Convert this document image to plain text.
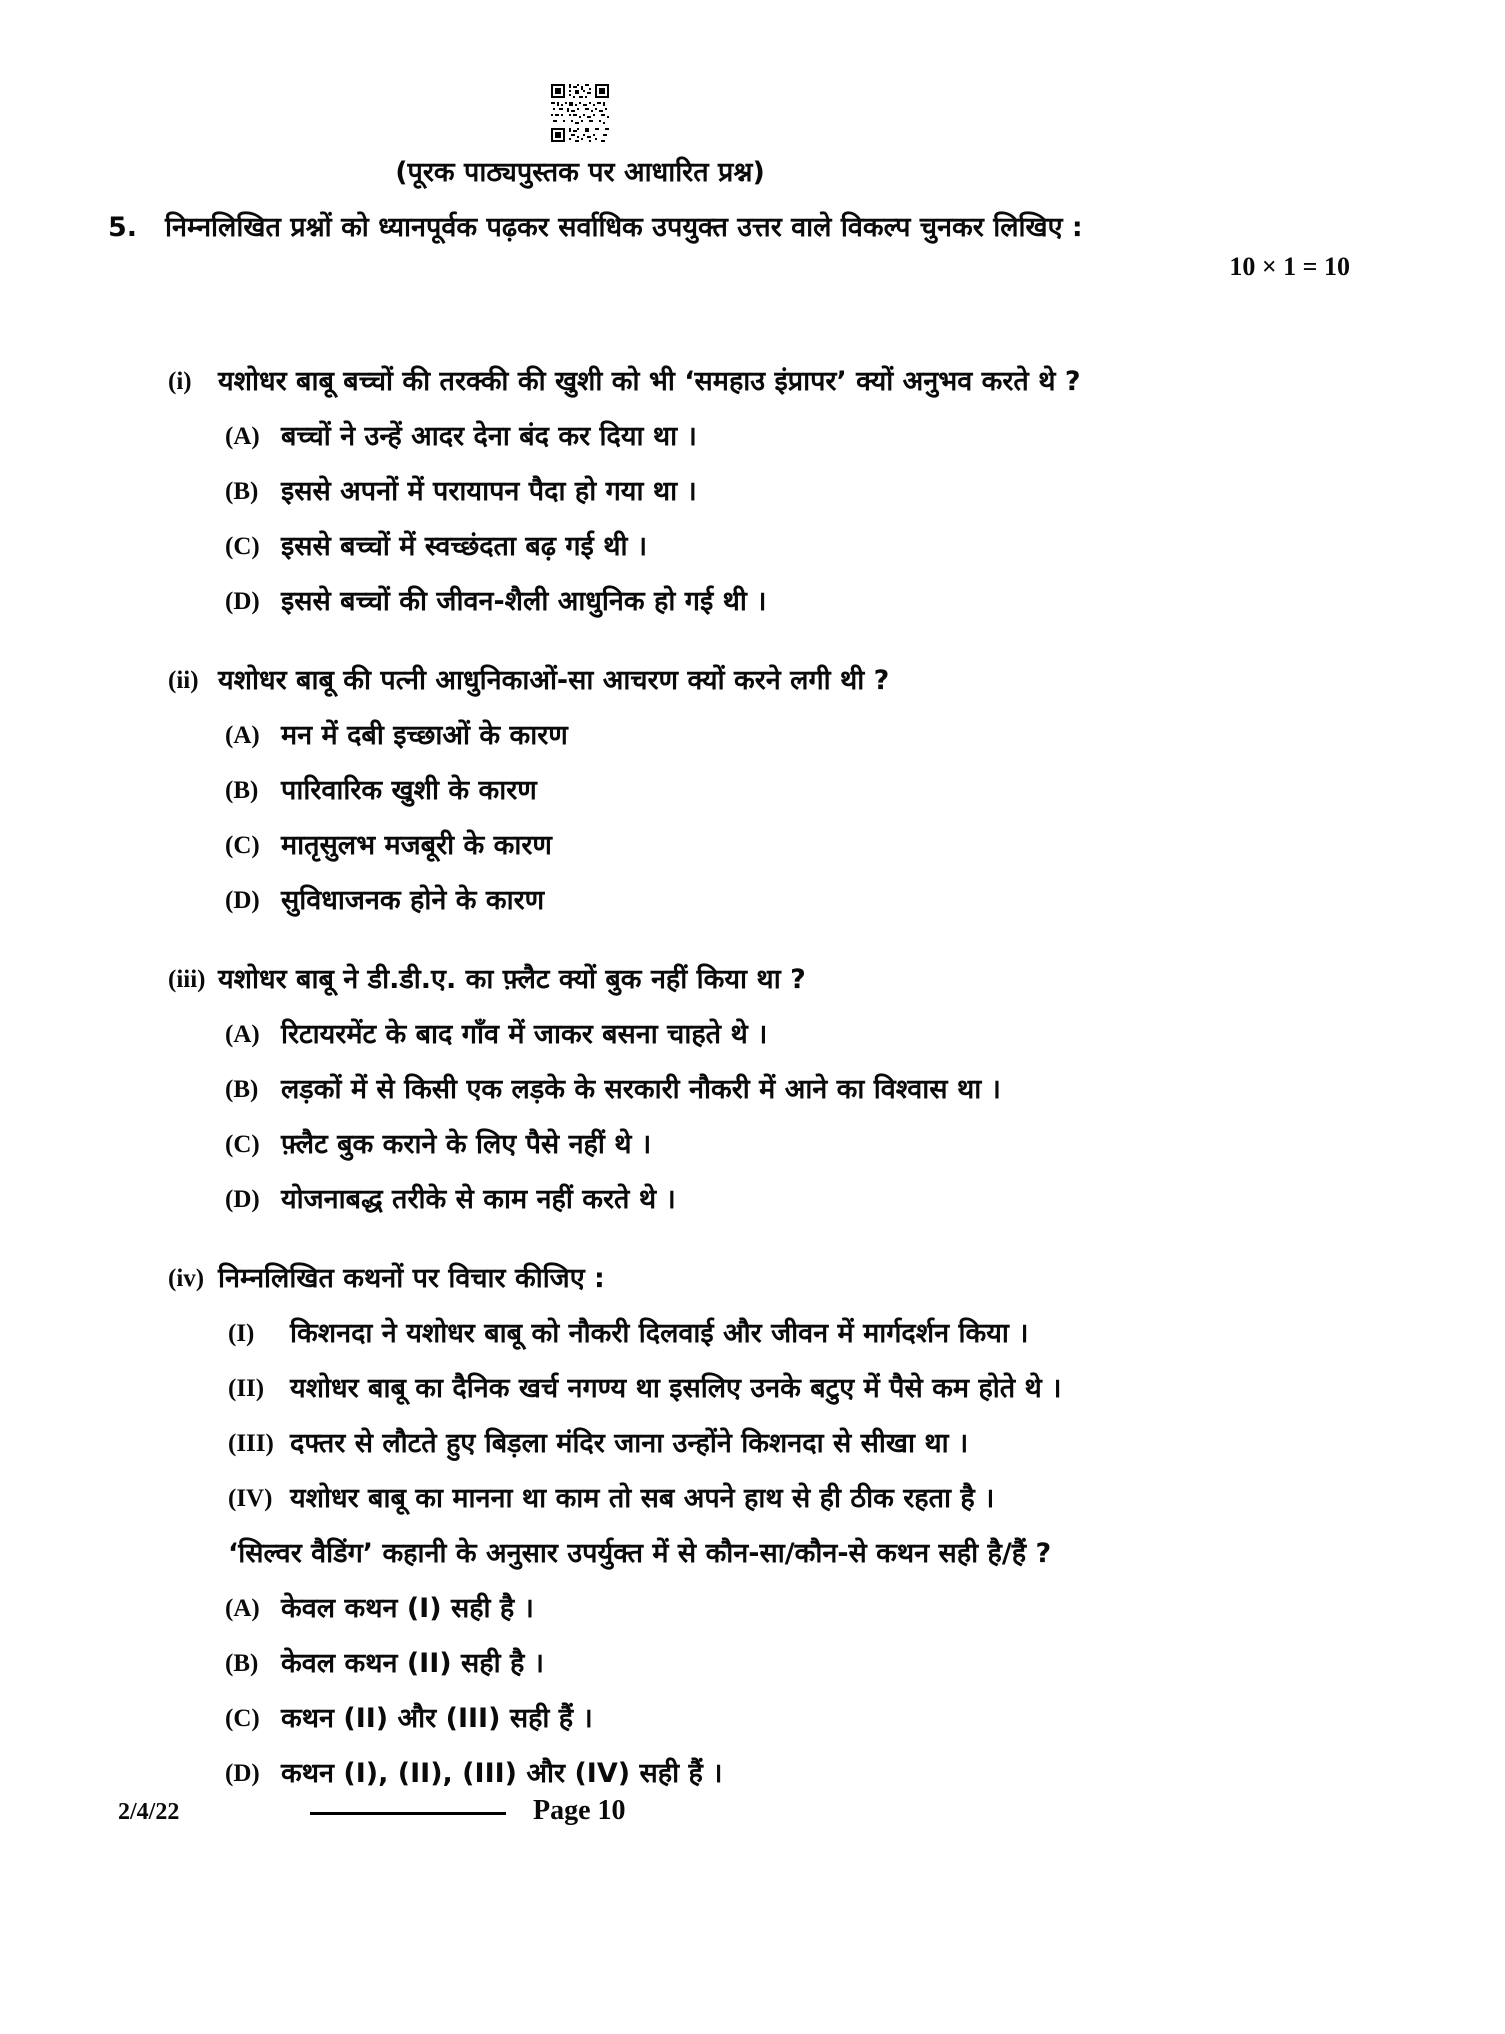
(पूरक पाठ्यपुस्तक पर आधारित प्रश्न)
5.	निम्नलिखित प्रश्नों को ध्यानपूर्वक पढ़कर सर्वाधिक उपयुक्त उत्तर वाले विकल्प चुनकर लिखिए :
10 × 1 = 10
(i) यशोधर बाबू बच्चों की तरक्की की खुशी को भी ‘समहाउ इंप्रापर’ क्यों अनुभव करते थे ?
(A) बच्चों ने उन्हें आदर देना बंद कर दिया था ।
(B) इससे अपनों में परायापन पैदा हो गया था ।
(C) इससे बच्चों में स्वच्छंदता बढ़ गई थी ।
(D) इससे बच्चों की जीवन-शैली आधुनिक हो गई थी ।
(ii) यशोधर बाबू की पत्नी आधुनिकाओं-सा आचरण क्यों करने लगी थी ?
(A) मन में दबी इच्छाओं के कारण
(B) पारिवारिक खुशी के कारण
(C) मातृसुलभ मजबूरी के कारण
(D) सुविधाजनक होने के कारण
(iii) यशोधर बाबू ने डी.डी.ए. का फ़्लैट क्यों बुक नहीं किया था ?
(A) रिटायरमेंट के बाद गाँव में जाकर बसना चाहते थे ।
(B) लड़कों में से किसी एक लड़के के सरकारी नौकरी में आने का विश्वास था ।
(C) फ़्लैट बुक कराने के लिए पैसे नहीं थे ।
(D) योजनाबद्ध तरीके से काम नहीं करते थे ।
(iv) निम्नलिखित कथनों पर विचार कीजिए :
(I)	किशनदा ने यशोधर बाबू को नौकरी दिलवाई और जीवन में मार्गदर्शन किया ।
(II) यशोधर बाबू का दैनिक खर्च नगण्य था इसलिए उनके बटुए में पैसे कम होते थे ।
(III) दफ्तर से लौटते हुए बिड़ला मंदिर जाना उन्होंने किशनदा से सीखा था ।
(IV) यशोधर बाबू का मानना था काम तो सब अपने हाथ से ही ठीक रहता है ।
‘सिल्वर वैडिंग’ कहानी के अनुसार उपर्युक्त में से कौन-सा/कौन-से कथन सही है/हैं ?
(A) केवल कथन (I) सही है ।
(B) केवल कथन (II) सही है ।
(C) कथन (II) और (III) सही हैं ।
(D) कथन (I), (II), (III) और (IV) सही हैं ।
2/4/22	Page 10
